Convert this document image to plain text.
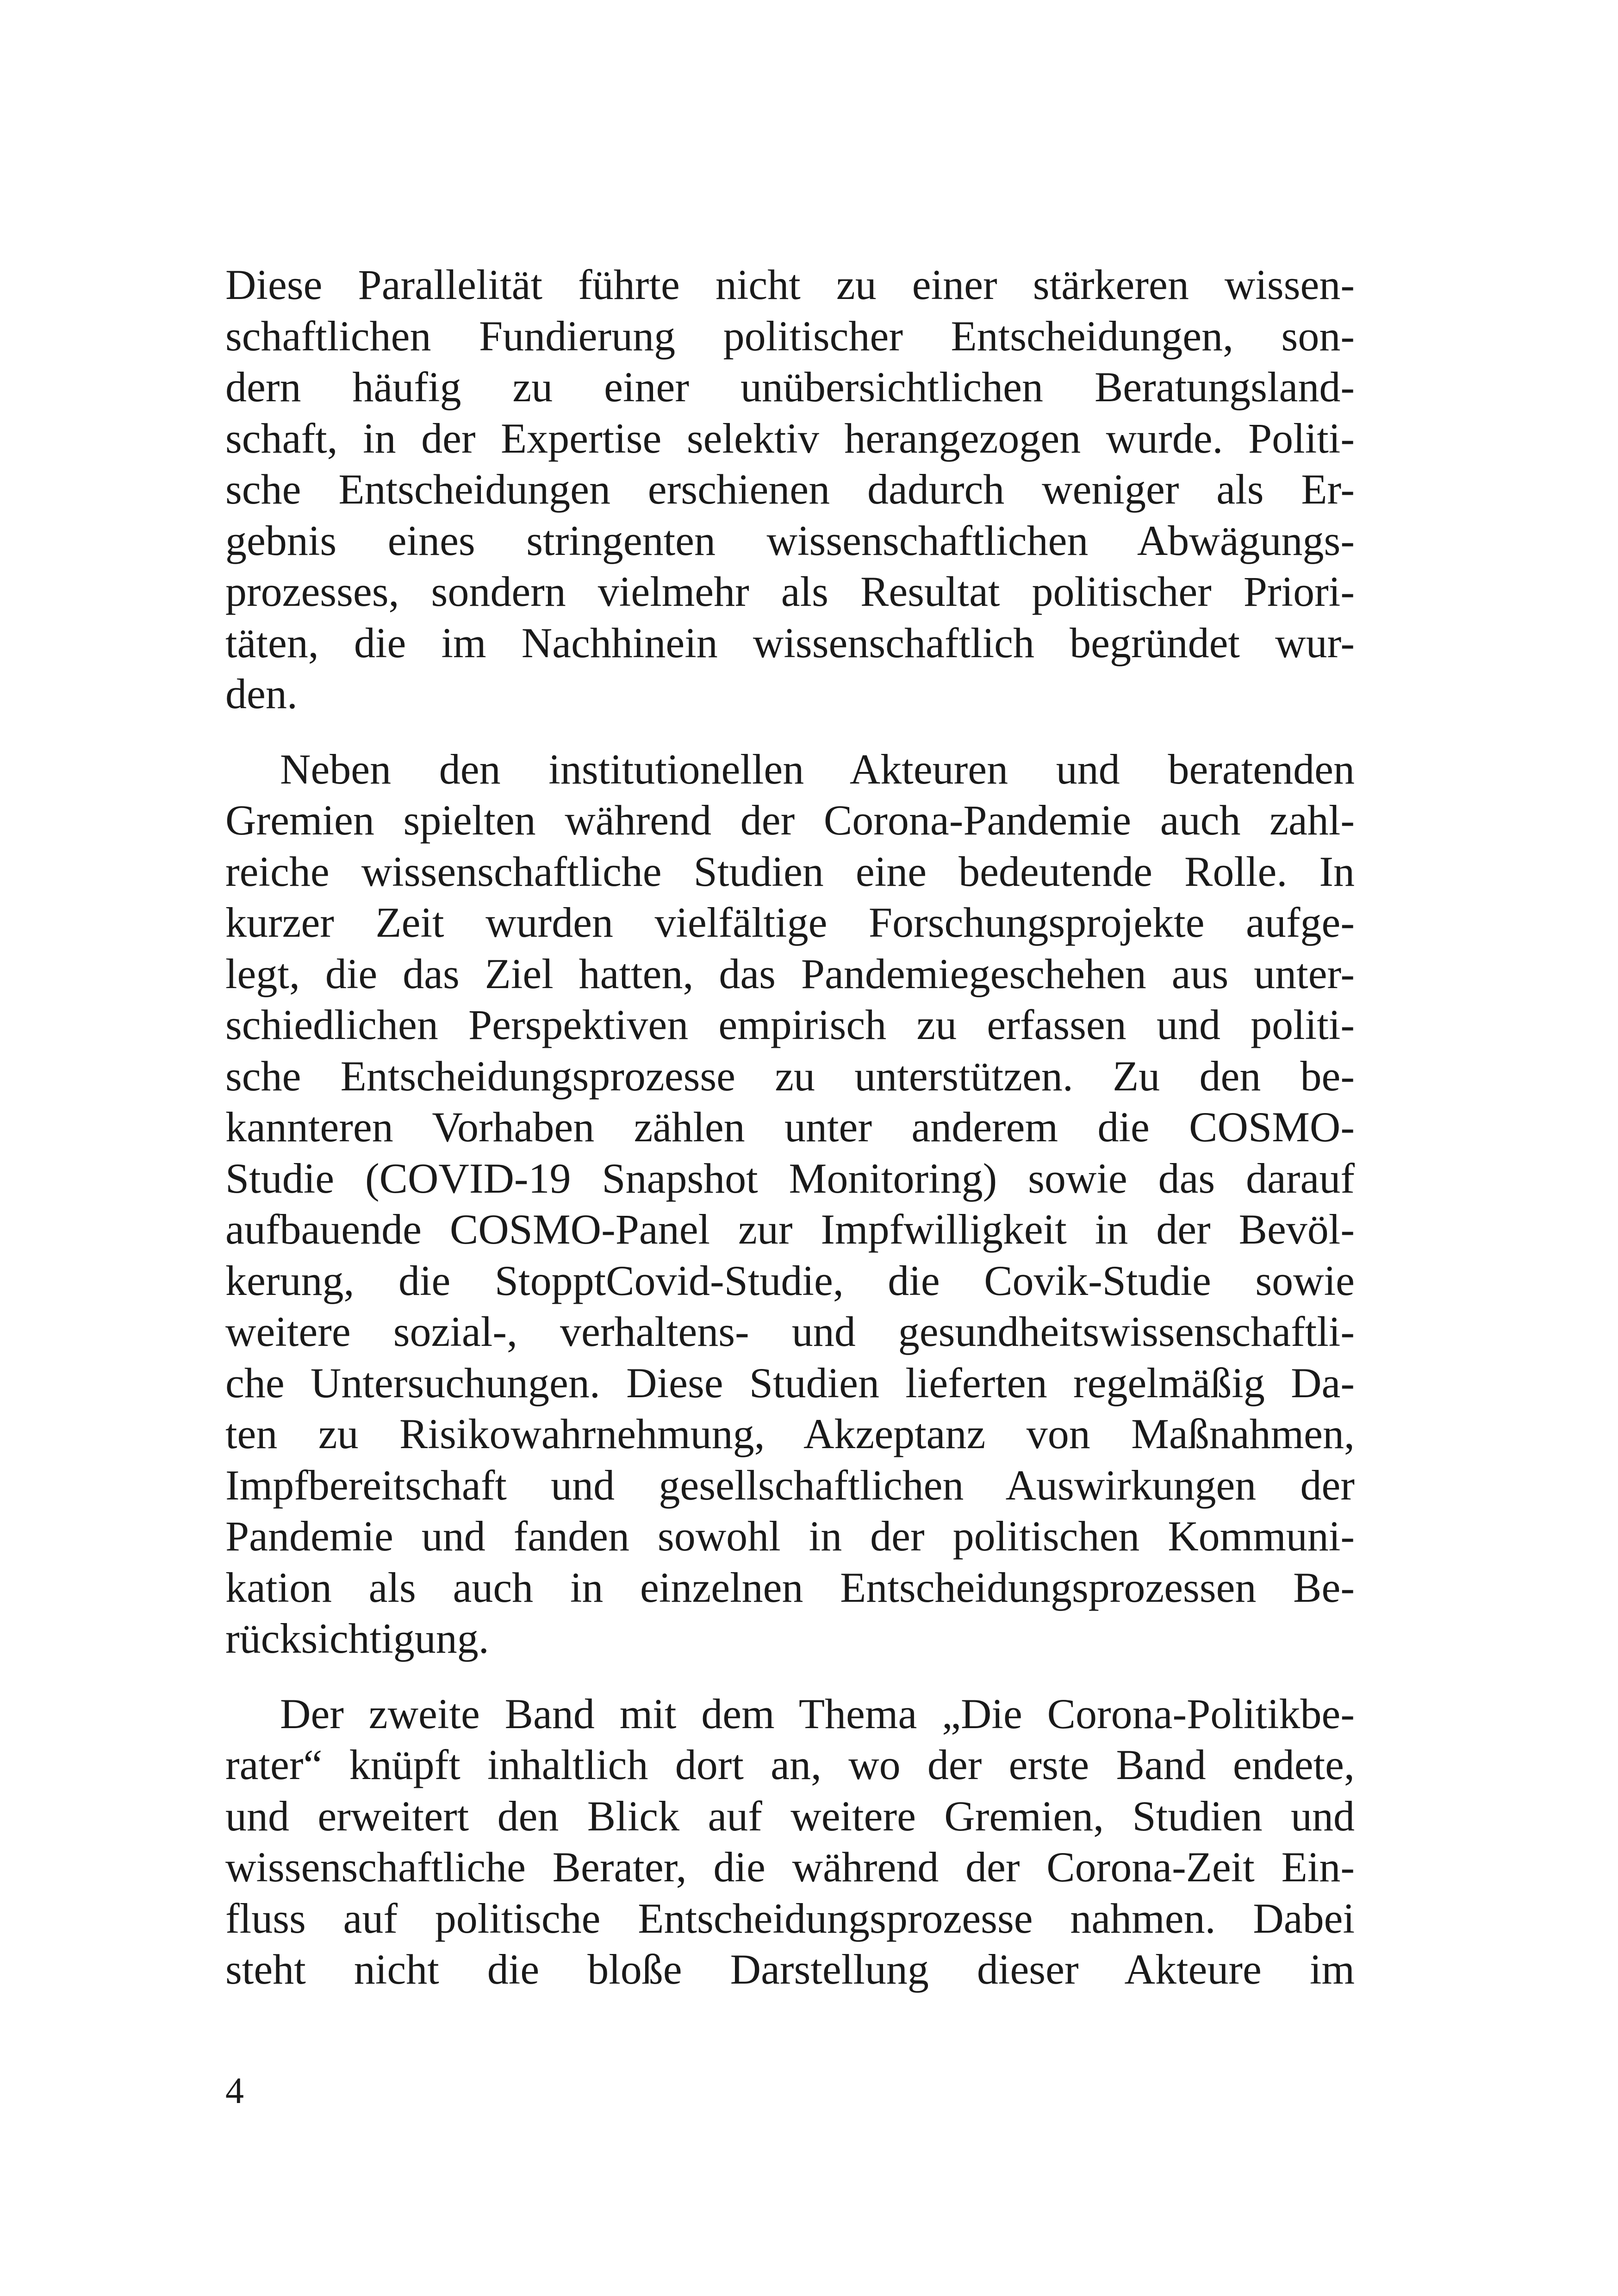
Diese Parallelität führte nicht zu einer stärkeren wissen-
schaftlichen Fundierung politischer Entscheidungen, son-
dern häufig zu einer unübersichtlichen Beratungsland-
schaft, in der Expertise selektiv herangezogen wurde. Politi-
sche Entscheidungen erschienen dadurch weniger als Er-
gebnis eines stringenten wissenschaftlichen Abwägungs-
prozesses, sondern vielmehr als Resultat politischer Priori-
täten, die im Nachhinein wissenschaftlich begründet wur-
den.
Neben den institutionellen Akteuren und beratenden
Gremien spielten während der Corona-Pandemie auch zahl-
reiche wissenschaftliche Studien eine bedeutende Rolle. In
kurzer Zeit wurden vielfältige Forschungsprojekte aufge-
legt, die das Ziel hatten, das Pandemiegeschehen aus unter-
schiedlichen Perspektiven empirisch zu erfassen und politi-
sche Entscheidungsprozesse zu unterstützen. Zu den be-
kannteren Vorhaben zählen unter anderem die COSMO-
Studie (COVID-19 Snapshot Monitoring) sowie das darauf
aufbauende COSMO-Panel zur Impfwilligkeit in der Bevöl-
kerung, die StopptCovid-Studie, die Covik-Studie sowie
weitere sozial-, verhaltens- und gesundheitswissenschaftli-
che Untersuchungen. Diese Studien lieferten regelmäßig Da-
ten zu Risikowahrnehmung, Akzeptanz von Maßnahmen,
Impfbereitschaft und gesellschaftlichen Auswirkungen der
Pandemie und fanden sowohl in der politischen Kommuni-
kation als auch in einzelnen Entscheidungsprozessen Be-
rücksichtigung.
Der zweite Band mit dem Thema „Die Corona-Politikbe-
rater“ knüpft inhaltlich dort an, wo der erste Band endete,
und erweitert den Blick auf weitere Gremien, Studien und
wissenschaftliche Berater, die während der Corona-Zeit Ein-
fluss auf politische Entscheidungsprozesse nahmen. Dabei
steht nicht die bloße Darstellung dieser Akteure im
4
